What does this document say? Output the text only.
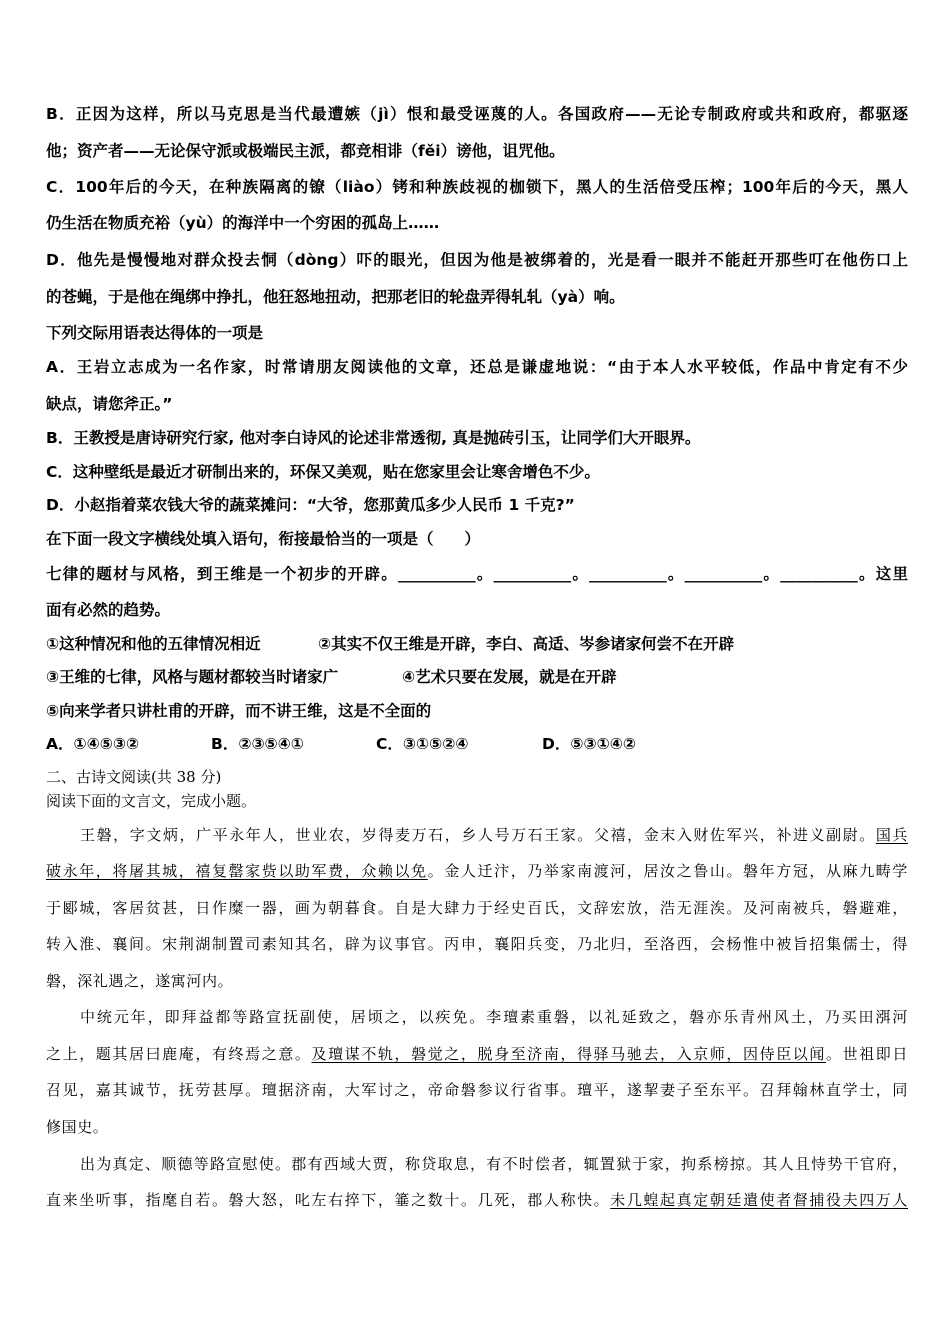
B．正因为这样，所以马克思是当代最遭嫉（jì）恨和最受诬蔑的人。各国政府——无论专制政府或共和政府，都驱逐
他；资产者——无论保守派或极端民主派，都竞相诽（fěi）谤他，诅咒他。
C．100年后的今天，在种族隔离的镣（liào）铐和种族歧视的枷锁下，黑人的生活倍受压榨；100年后的今天，黑人
仍生活在物质充裕（yù）的海洋中一个穷困的孤岛上……
D．他先是慢慢地对群众投去恫（dòng）吓的眼光，但因为他是被绑着的，光是看一眼并不能赶开那些叮在他伤口上
的苍蝇，于是他在绳绑中挣扎，他狂怒地扭动，把那老旧的轮盘弄得轧轧（yà）响。
下列交际用语表达得体的一项是
A．王岩立志成为一名作家，时常请朋友阅读他的文章，还总是谦虚地说：“由于本人水平较低，作品中肯定有不少
缺点，请您斧正。”
B．王教授是唐诗研究行家, 他对李白诗风的论述非常透彻, 真是抛砖引玉，让同学们大开眼界。
C．这种壁纸是最近才研制出来的，环保又美观，贴在您家里会让寒舍增色不少。
D．小赵指着菜农钱大爷的蔬菜摊问：“大爷，您那黄瓜多少人民币 1 千克?”
在下面一段文字横线处填入语句，衔接最恰当的一项是（　　）
七律的题材与风格，到王维是一个初步的开辟。__________。__________。__________。__________。__________。这里
面有必然的趋势。
①这种情况和他的五律情况相近	②其实不仅王维是开辟，李白、高适、岑参诸家何尝不在开辟
③王维的七律，风格与题材都较当时诸家广	④艺术只要在发展，就是在开辟
⑤向来学者只讲杜甫的开辟，而不讲王维，这是不全面的
A．①④⑤③②	B．②③⑤④①	C．③①⑤②④	D．⑤③①④②
二、古诗文阅读(共 38 分)
阅读下面的文言文，完成小题。
王磐，字文炳，广平永年人，世业农，岁得麦万石，乡人号万石王家。父禧，金末入财佐军兴，补进义副尉。国兵
破永年，将屠其城，禧复罄家赀以助军费，众赖以免。金人迁汴，乃举家南渡河，居汝之鲁山。磐年方冠，从麻九畴学
于郾城，客居贫甚，日作糜一器，画为朝暮食。自是大肆力于经史百氏，文辞宏放，浩无涯涘。及河南被兵，磐避难，
转入淮、襄间。宋荆湖制置司素知其名，辟为议事官。丙申，襄阳兵变，乃北归，至洛西，会杨惟中被旨招集儒士，得
磐，深礼遇之，遂寓河内。
中统元年，即拜益都等路宣抚副使，居顷之，以疾免。李璮素重磐，以礼延致之，磐亦乐青州风土，乃买田渳河
之上，题其居曰鹿庵，有终焉之意。及璮谋不轨，磐觉之，脱身至济南，得驿马驰去，入京师，因侍臣以闻。世祖即日
召见，嘉其诚节，抚劳甚厚。璮据济南，大军讨之，帝命磐参议行省事。璮平，遂挈妻子至东平。召拜翰林直学士，同
修国史。
出为真定、顺德等路宣慰使。郡有西域大贾，称贷取息，有不时偿者，辄置狱于家，拘系榜掠。其人且恃势干官府，
直来坐听事，指麾自若。磐大怒，叱左右捽下，箠之数十。几死，郡人称快。未几蝗起真定朝廷遣使者督捕役夫四万人
